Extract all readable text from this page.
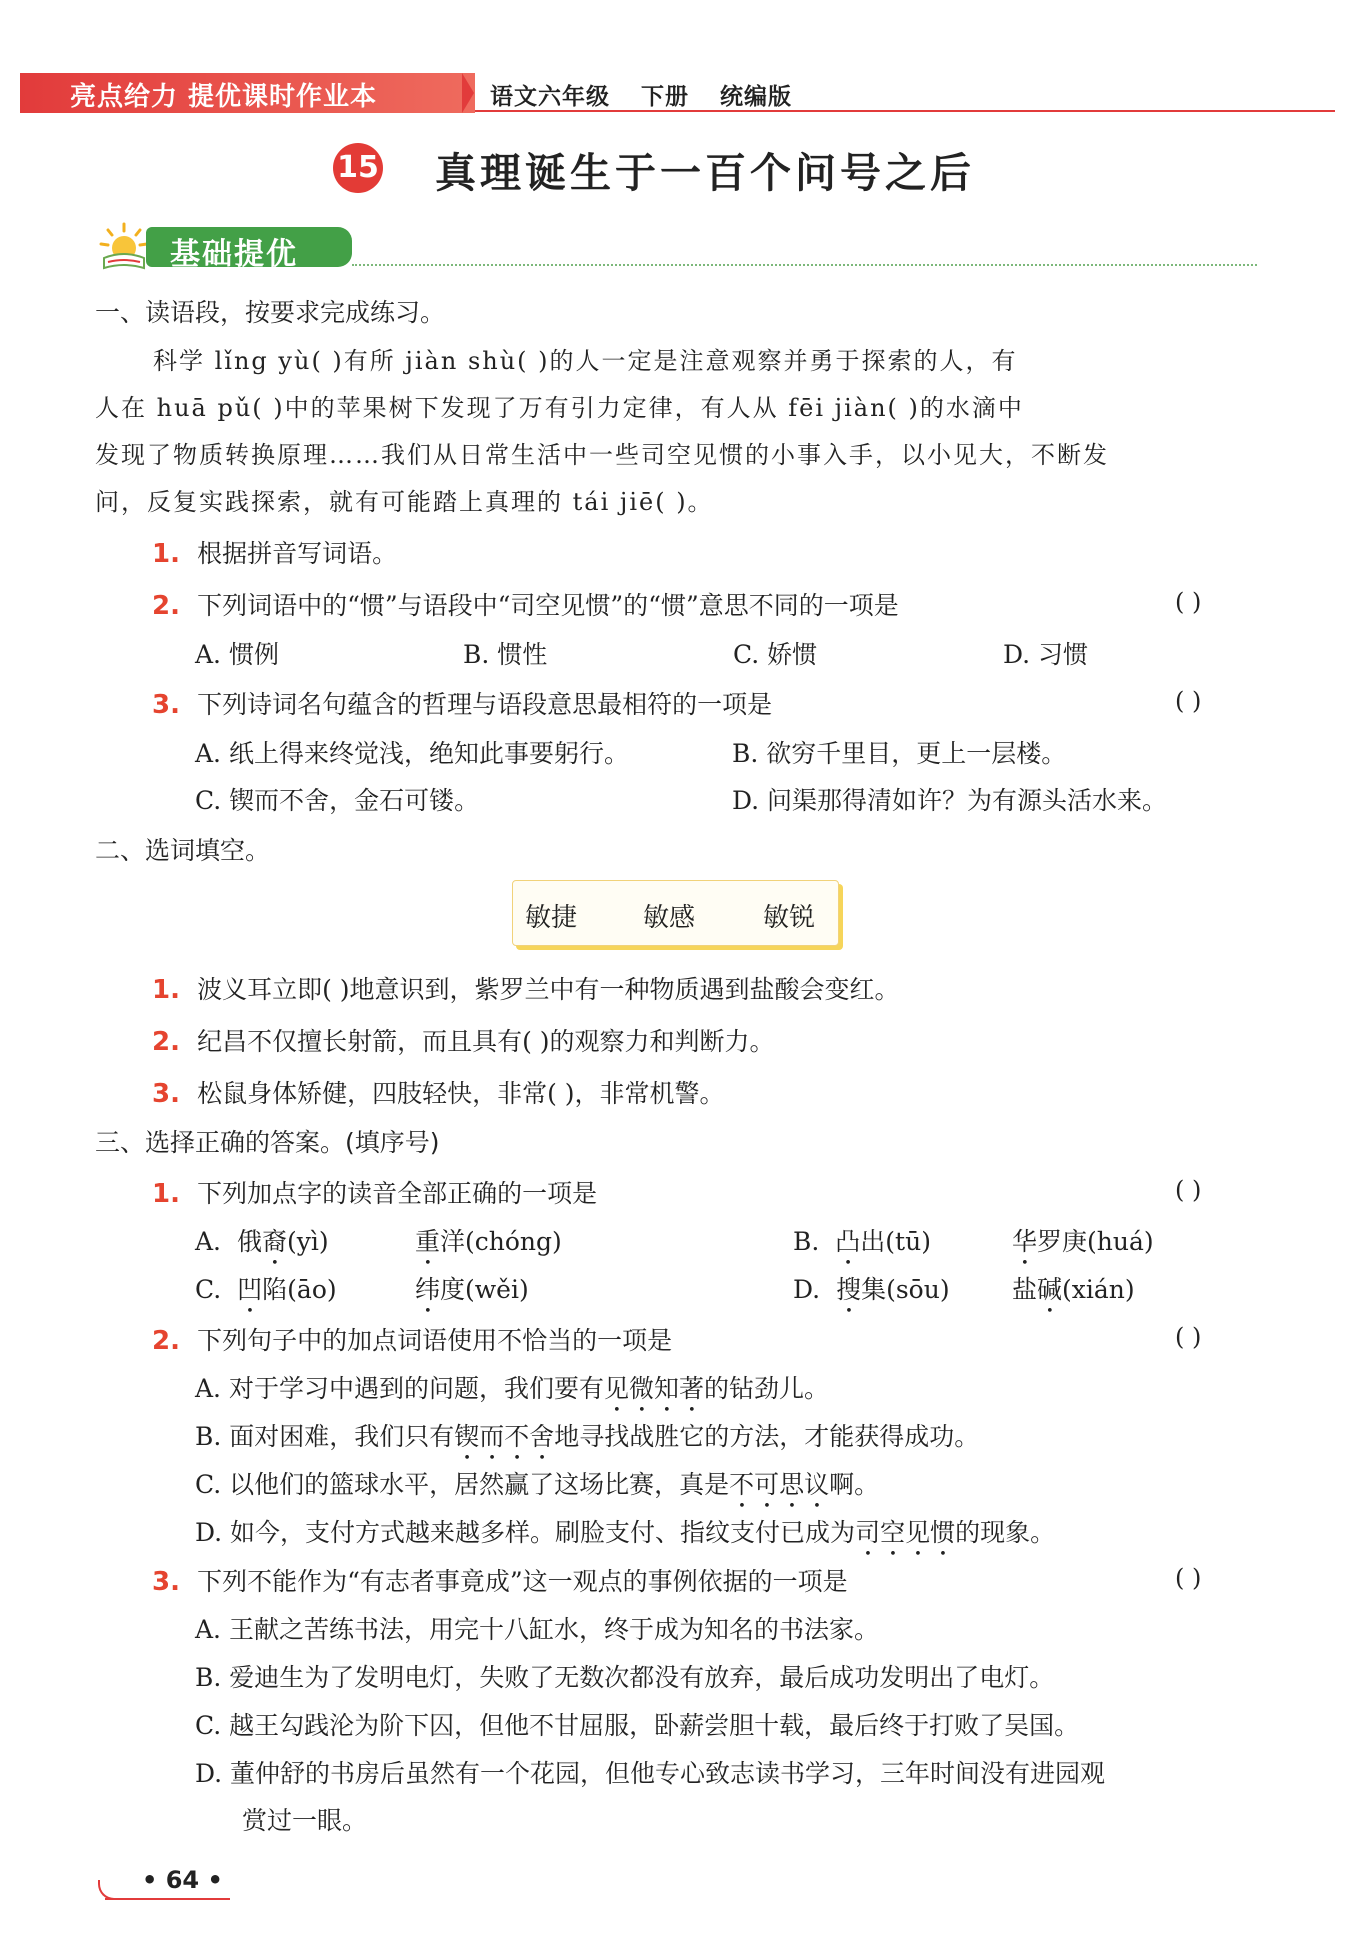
亮点给力 提优课时作业本	语文六年级 下册 统编版
15 真理诞生于一百个问号之后
基础提优
一、读语段，按要求完成练习。
科学 lǐng yù( )有所 jiàn shù( )的人一定是注意观察并勇于探索的人，有
人在 huā pǔ( )中的苹果树下发现了万有引力定律，有人从 fēi jiàn( )的水滴中
发现了物质转换原理……我们从日常生活中一些司空见惯的小事入手，以小见大，不断发
问，反复实践探索，就有可能踏上真理的 tái jiē( )。
1. 根据拼音写词语。
2. 下列词语中的“惯”与语段中“司空见惯”的“惯”意思不同的一项是	( )
A. 惯例	B. 惯性	C. 娇惯	D. 习惯
3. 下列诗词名句蕴含的哲理与语段意思最相符的一项是	( )
A. 纸上得来终觉浅，绝知此事要躬行。	B. 欲穷千里目，更上一层楼。
C. 锲而不舍，金石可镂。	D. 问渠那得清如许？为有源头活水来。
二、选词填空。
敏捷	敏感	敏锐
1. 波义耳立即( )地意识到，紫罗兰中有一种物质遇到盐酸会变红。
2. 纪昌不仅擅长射箭，而且具有( )的观察力和判断力。
3. 松鼠身体矫健，四肢轻快，非常( )，非常机警。
三、选择正确的答案。(填序号)
1. 下列加点字的读音全部正确的一项是	( )
A. 俄裔(yì)	重洋(chóng)	B. 凸出(tū)	华罗庚(huá)
C. 凹陷(āo)	纬度(wěi)	D. 搜集(sōu) 盐碱(xián)
2. 下列句子中的加点词语使用不恰当的一项是	( )
A. 对于学习中遇到的问题，我们要有见微知著的钻劲儿。
B. 面对困难，我们只有锲而不舍地寻找战胜它的方法，才能获得成功。
C. 以他们的篮球水平，居然赢了这场比赛，真是不可思议啊。
D. 如今，支付方式越来越多样。刷脸支付、指纹支付已成为司空见惯的现象。
3. 下列不能作为“有志者事竟成”这一观点的事例依据的一项是	( )
A. 王献之苦练书法，用完十八缸水，终于成为知名的书法家。
B. 爱迪生为了发明电灯，失败了无数次都没有放弃，最后成功发明出了电灯。
C. 越王勾践沦为阶下囚，但他不甘屈服，卧薪尝胆十载，最后终于打败了吴国。
D. 董仲舒的书房后虽然有一个花园，但他专心致志读书学习，三年时间没有进园观
赏过一眼。
• 64 •
